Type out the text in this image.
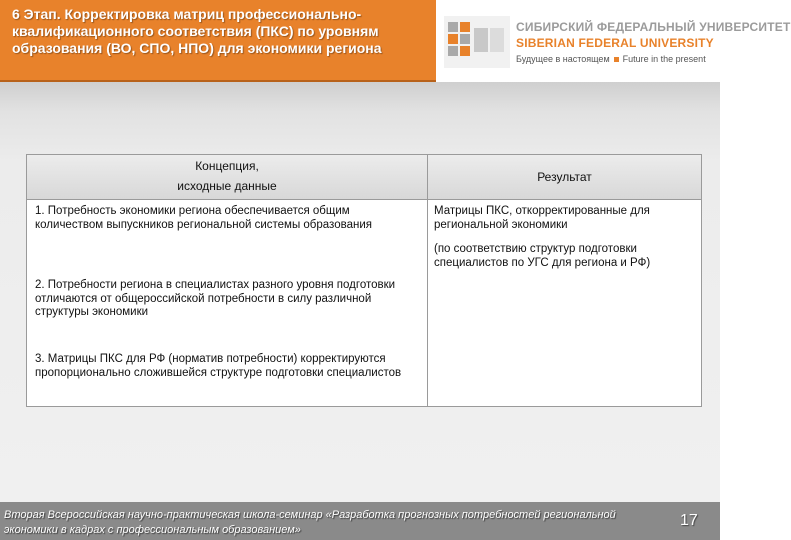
6 Этап. Корректировка матриц профессионально-квалификационного соответствия (ПКС) по уровням образования (ВО, СПО, НПО) для экономики региона
СИБИРСКИЙ ФЕДЕРАЛЬНЫЙ УНИВЕРСИТЕТ
SIBERIAN FEDERAL UNIVERSITY
Будущее в настоящем Future in the present
Концепция,
исходные данные
1. Потребность экономики региона обеспечивается общим количеством выпускников региональной системы образования
2. Потребности региона в специалистах разного уровня подготовки отличаются от общероссийской потребности в силу различной структуры экономики
3. Матрицы ПКС для РФ (норматив потребности) корректируются пропорционально сложившейся структуре подготовки специалистов
Результат
Матрицы ПКС, откорректированные для региональной экономики
(по соответствию структур подготовки специалистов по УГС для региона и РФ)
Вторая Всероссийская научно-практическая школа-семинар «Разработка прогнозных потребностей региональной экономики в кадрах с профессиональным образованием»
17
